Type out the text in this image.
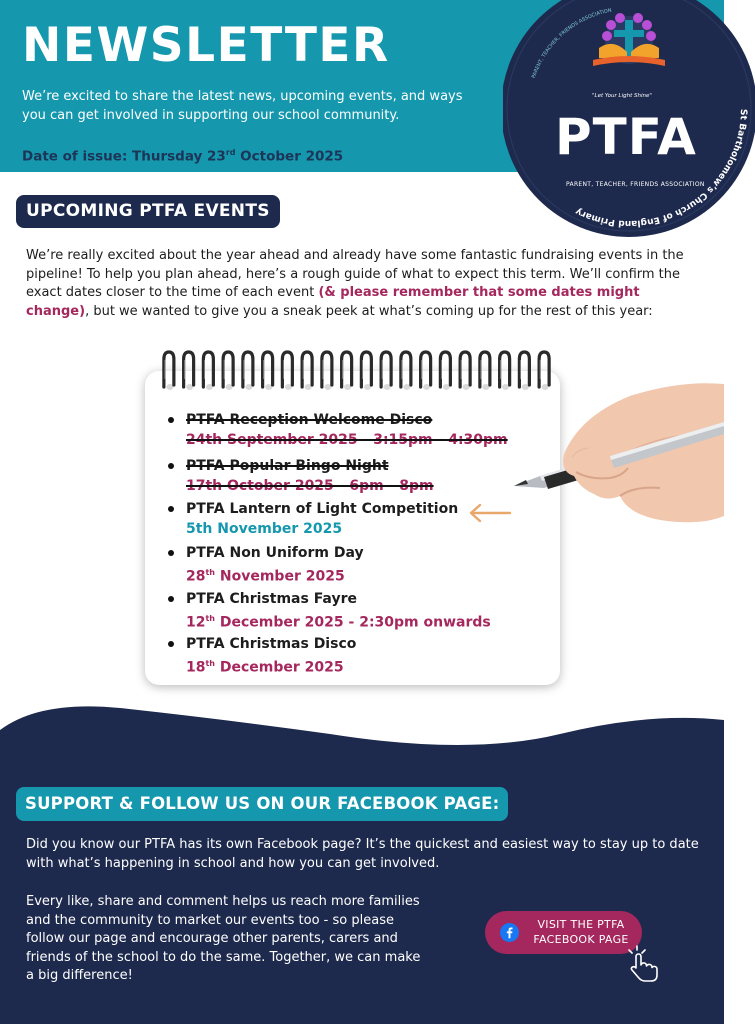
NEWSLETTER
We’re excited to share the latest news, upcoming events, and ways you can get involved in supporting our school community.
Date of issue: Thursday 23rd October 2025
St Bartholomew’s Church of England Primary
PARENT, TEACHER, FRIENDS ASSOCIATION
"Let Your Light Shine"
PTFA
PARENT, TEACHER, FRIENDS ASSOCIATION
UPCOMING PTFA EVENTS

We’re really excited about the year ahead and already have some fantastic fundraising events in the pipeline! To help you plan ahead, here’s a rough guide of what to expect this term. We’ll confirm the exact dates closer to the time of each event (& please remember that some dates might change), but we wanted to give you a sneak peek at what’s coming up for the rest of this year:

PTFA Reception Welcome Disco
24th September 2025 - 3:15pm - 4:30pm
PTFA Popular Bingo Night
17th October 2025 - 6pm - 8pm
PTFA Lantern of Light Competition
5th November 2025
PTFA Non Uniform Day
28th November 2025
PTFA Christmas Fayre
12th December 2025 - 2:30pm onwards
PTFA Christmas Disco
18th December 2025
SUPPORT & FOLLOW US ON OUR FACEBOOK PAGE:

Did you know our PTFA has its own Facebook page? It’s the quickest and easiest way to stay up to date with what’s happening in school and how you can get involved.

Every like, share and comment helps us reach more families and the community to market our events too - so please follow our page and encourage other parents, carers and friends of the school to do the same. Together, we can make a big difference!

VISIT THE PTFA FACEBOOK PAGE
